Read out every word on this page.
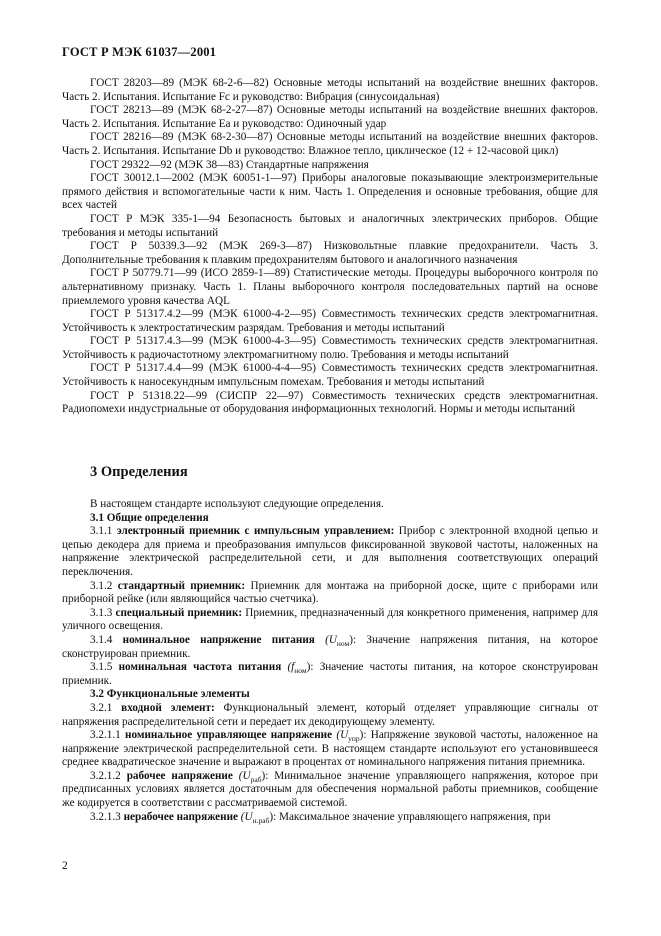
ГОСТ Р МЭК 61037—2001

ГОСТ 28203—89 (МЭК 68-2-6—82) Основные методы испытаний на воздействие внешних факторов. Часть 2. Испытания. Испытание Fc и руководство: Вибрация (синусоидальная)

ГОСТ 28213—89 (МЭК 68-2-27—87) Основные методы испытаний на воздействие внешних факторов. Часть 2. Испытания. Испытание Ea и руководство: Одиночный удар

ГОСТ 28216—89 (МЭК 68-2-30—87) Основные методы испытаний на воздействие внешних факторов. Часть 2. Испытания. Испытание Db и руководство: Влажное тепло, циклическое (12 + 12-часовой цикл)

ГОСТ 29322—92 (МЭК 38—83) Стандартные напряжения

ГОСТ 30012.1—2002 (МЭК 60051-1—97) Приборы аналоговые показывающие электроизмерительные прямого действия и вспомогательные части к ним. Часть 1. Определения и основные требования, общие для всех частей

ГОСТ Р МЭК 335-1—94 Безопасность бытовых и аналогичных электрических приборов. Общие требования и методы испытаний

ГОСТ Р 50339.3—92 (МЭК 269-3—87) Низковольтные плавкие предохранители. Часть 3. Дополнительные требования к плавким предохранителям бытового и аналогичного назначения

ГОСТ Р 50779.71—99 (ИСО 2859-1—89) Статистические методы. Процедуры выборочного контроля по альтернативному признаку. Часть 1. Планы выборочного контроля последовательных партий на основе приемлемого уровня качества AQL

ГОСТ Р 51317.4.2—99 (МЭК 61000-4-2—95) Совместимость технических средств электромагнитная. Устойчивость к электростатическим разрядам. Требования и методы испытаний

ГОСТ Р 51317.4.3—99 (МЭК 61000-4-3—95) Совместимость технических средств электромагнитная. Устойчивость к радиочастотному электромагнитному полю. Требования и методы испытаний

ГОСТ Р 51317.4.4—99 (МЭК 61000-4-4—95) Совместимость технических средств электромагнитная. Устойчивость к наносекундным импульсным помехам. Требования и методы испытаний

ГОСТ Р 51318.22—99 (СИСПР 22—97) Совместимость технических средств электромагнитная. Радиопомехи индустриальные от оборудования информационных технологий. Нормы и методы испытаний

3 Определения

В настоящем стандарте используют следующие определения.

3.1 Общие определения

3.1.1 электронный приемник с импульсным управлением: Прибор с электронной входной цепью и цепью декодера для приема и преобразования импульсов фиксированной звуковой частоты, наложенных на напряжение электрической распределительной сети, и для выполнения соответствующих операций переключения.

3.1.2 стандартный приемник: Приемник для монтажа на приборной доске, щите с приборами или приборной рейке (или являющийся частью счетчика).

3.1.3 специальный приемник: Приемник, предназначенный для конкретного применения, например для уличного освещения.

3.1.4 номинальное напряжение питания $(U_{ном})$: Значение напряжения питания, на которое сконструирован приемник.

3.1.5 номинальная частота питания $(f_{ном})$: Значение частоты питания, на которое сконструирован приемник.

3.2 Функциональные элементы

3.2.1 входной элемент: Функциональный элемент, который отделяет управляющие сигналы от напряжения распределительной сети и передает их декодирующему элементу.

3.2.1.1 номинальное управляющее напряжение $(U_{упр})$: Напряжение звуковой частоты, наложенное на напряжение электрической распределительной сети. В настоящем стандарте используют его установившееся среднее квадратическое значение и выражают в процентах от номинального напряжения питания приемника.

3.2.1.2 рабочее напряжение $(U_{раб})$: Минимальное значение управляющего напряжения, которое при предписанных условиях является достаточным для обеспечения нормальной работы приемников, сообщение же кодируется в соответствии с рассматриваемой системой.

3.2.1.3 нерабочее напряжение $(U_{н.раб})$: Максимальное значение управляющего напряжения, при

2
